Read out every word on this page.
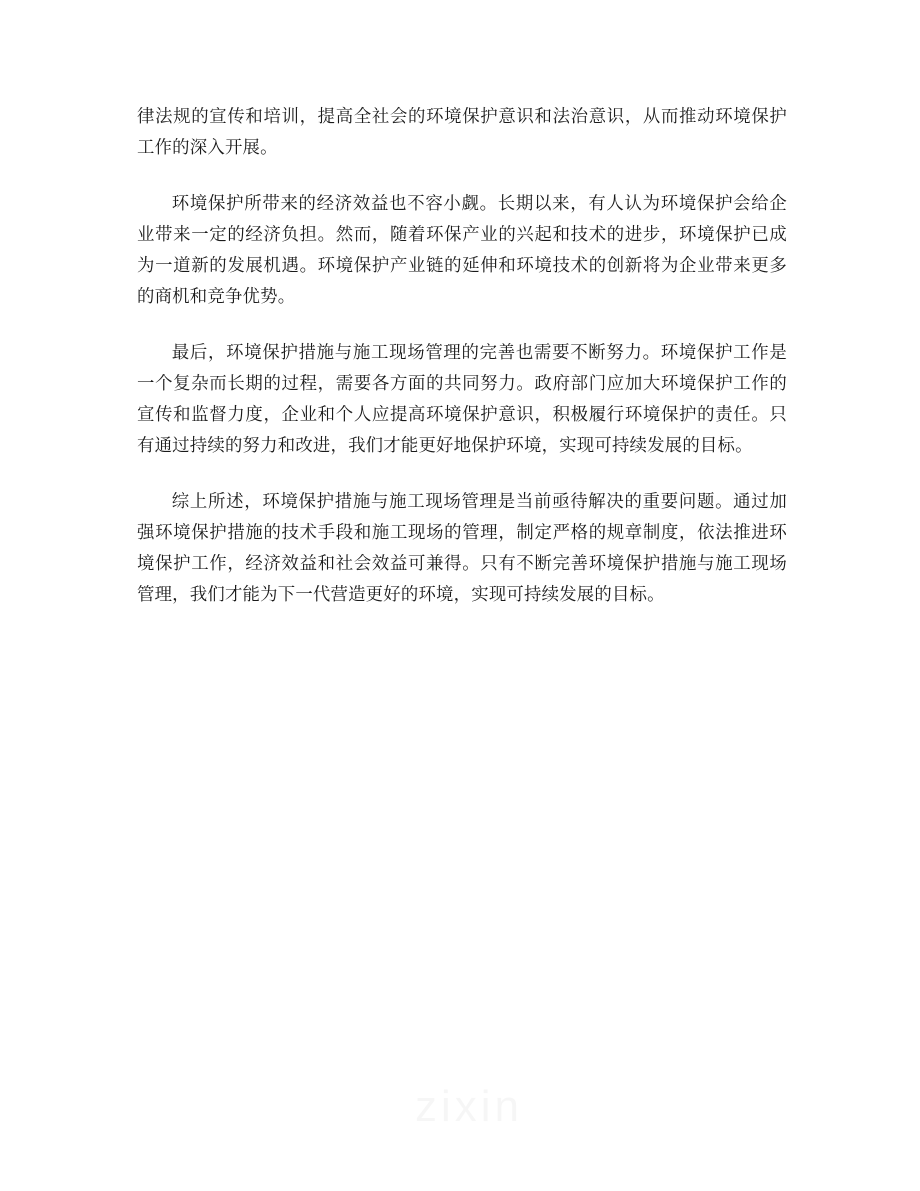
律法规的宣传和培训，提高全社会的环境保护意识和法治意识，从而推动环境保护工作的深入开展。

环境保护所带来的经济效益也不容小觑。长期以来，有人认为环境保护会给企业带来一定的经济负担。然而，随着环保产业的兴起和技术的进步，环境保护已成为一道新的发展机遇。环境保护产业链的延伸和环境技术的创新将为企业带来更多的商机和竞争优势。

最后，环境保护措施与施工现场管理的完善也需要不断努力。环境保护工作是一个复杂而长期的过程，需要各方面的共同努力。政府部门应加大环境保护工作的宣传和监督力度，企业和个人应提高环境保护意识，积极履行环境保护的责任。只有通过持续的努力和改进，我们才能更好地保护环境，实现可持续发展的目标。

综上所述，环境保护措施与施工现场管理是当前亟待解决的重要问题。通过加强环境保护措施的技术手段和施工现场的管理，制定严格的规章制度，依法推进环境保护工作，经济效益和社会效益可兼得。只有不断完善环境保护措施与施工现场管理，我们才能为下一代营造更好的环境，实现可持续发展的目标。
